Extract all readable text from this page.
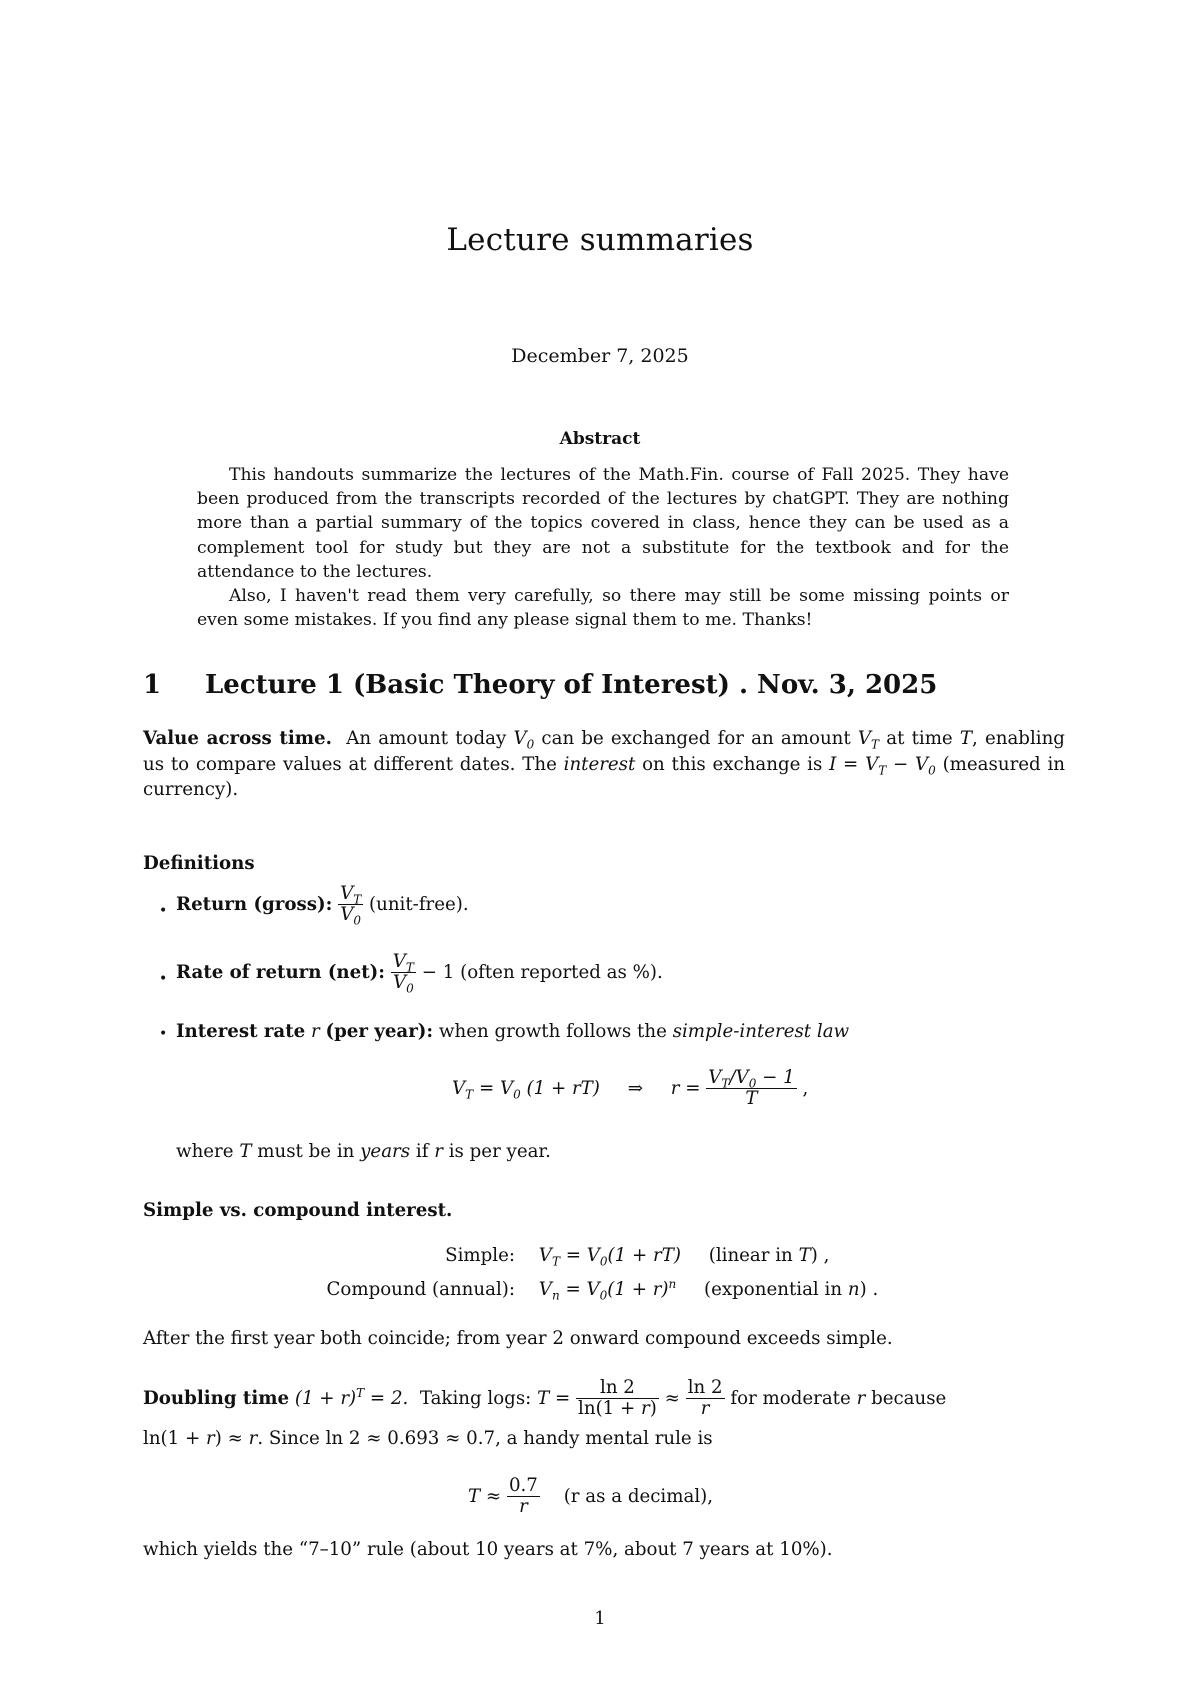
Lecture summaries
December 7, 2025
Abstract

This handouts summarize the lectures of the Math.Fin. course of Fall 2025. They have been produced from the transcripts recorded of the lectures by chatGPT. They are nothing more than a partial summary of the topics covered in class, hence they can be used as a complement tool for study but they are not a substitute for the textbook and for the attendance to the lectures.

Also, I haven't read them very carefully, so there may still be some missing points or even some mistakes. If you find any please signal them to me. Thanks!

1 Lecture 1 (Basic Theory of Interest) . Nov. 3, 2025
Value across time. An amount today $V_0$ can be exchanged for an amount $V_T$ at time T, enabling us to compare values at different dates. The interest on this exchange is $I = V_T - V_0$ (measured in currency).
Definitions
• Return (gross): $\frac{V_T}{V_0}$ (unit-free).
• Rate of return (net): $\frac{V_T}{V_0} - 1$ (often reported as %).
• Interest rate r (per year): when growth follows the simple-interest law
$V_T = V_0$ (1 + rT) ⇒ $r = \frac{V_T/V_0 - 1}{T}$ ,
where T must be in years if r is per year.
Simple vs. compound interest.
Simple: $V_T = V_0(1 + rT)$ (linear in T) ,
Compound (annual): $V_n = V_0(1 + r)^n$ (exponential in n) .
After the first year both coincide; from year 2 onward compound exceeds simple.
Doubling time $(1 + r)^T = 2$. Taking logs: $T = \frac{\ln 2}{\ln(1 + r)} \approx \frac{\ln 2}{r}$ for moderate r because
ln(1 + r) ≈ r. Since ln 2 ≈ 0.693 ≈ 0.7, a handy mental rule is
$T \approx \frac{0.7}{r} (r$ as a decimal),
which yields the “7–10” rule (about 10 years at 7%, about 7 years at 10%).
1
